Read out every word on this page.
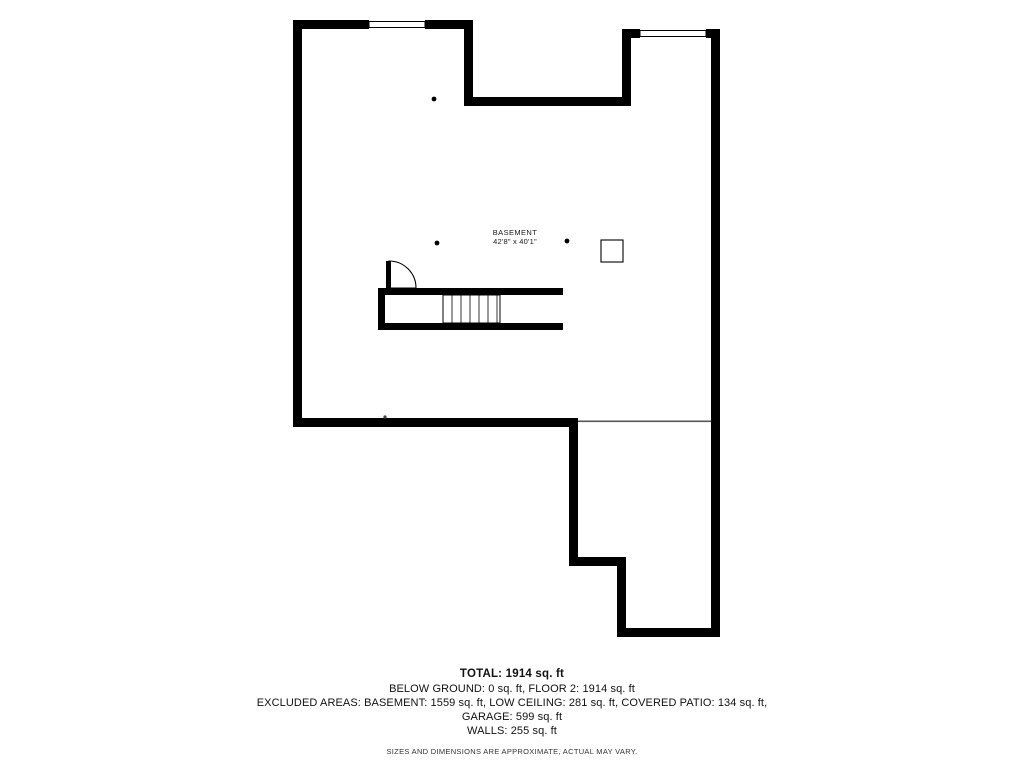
BASEMENT
42'8" x 40'1"
TOTAL: 1914 sq. ft
BELOW GROUND: 0 sq. ft, FLOOR 2: 1914 sq. ft
EXCLUDED AREAS: BASEMENT: 1559 sq. ft, LOW CEILING: 281 sq. ft, COVERED PATIO: 134 sq. ft,
GARAGE: 599 sq. ft
WALLS: 255 sq. ft
SIZES AND DIMENSIONS ARE APPROXIMATE, ACTUAL MAY VARY.
